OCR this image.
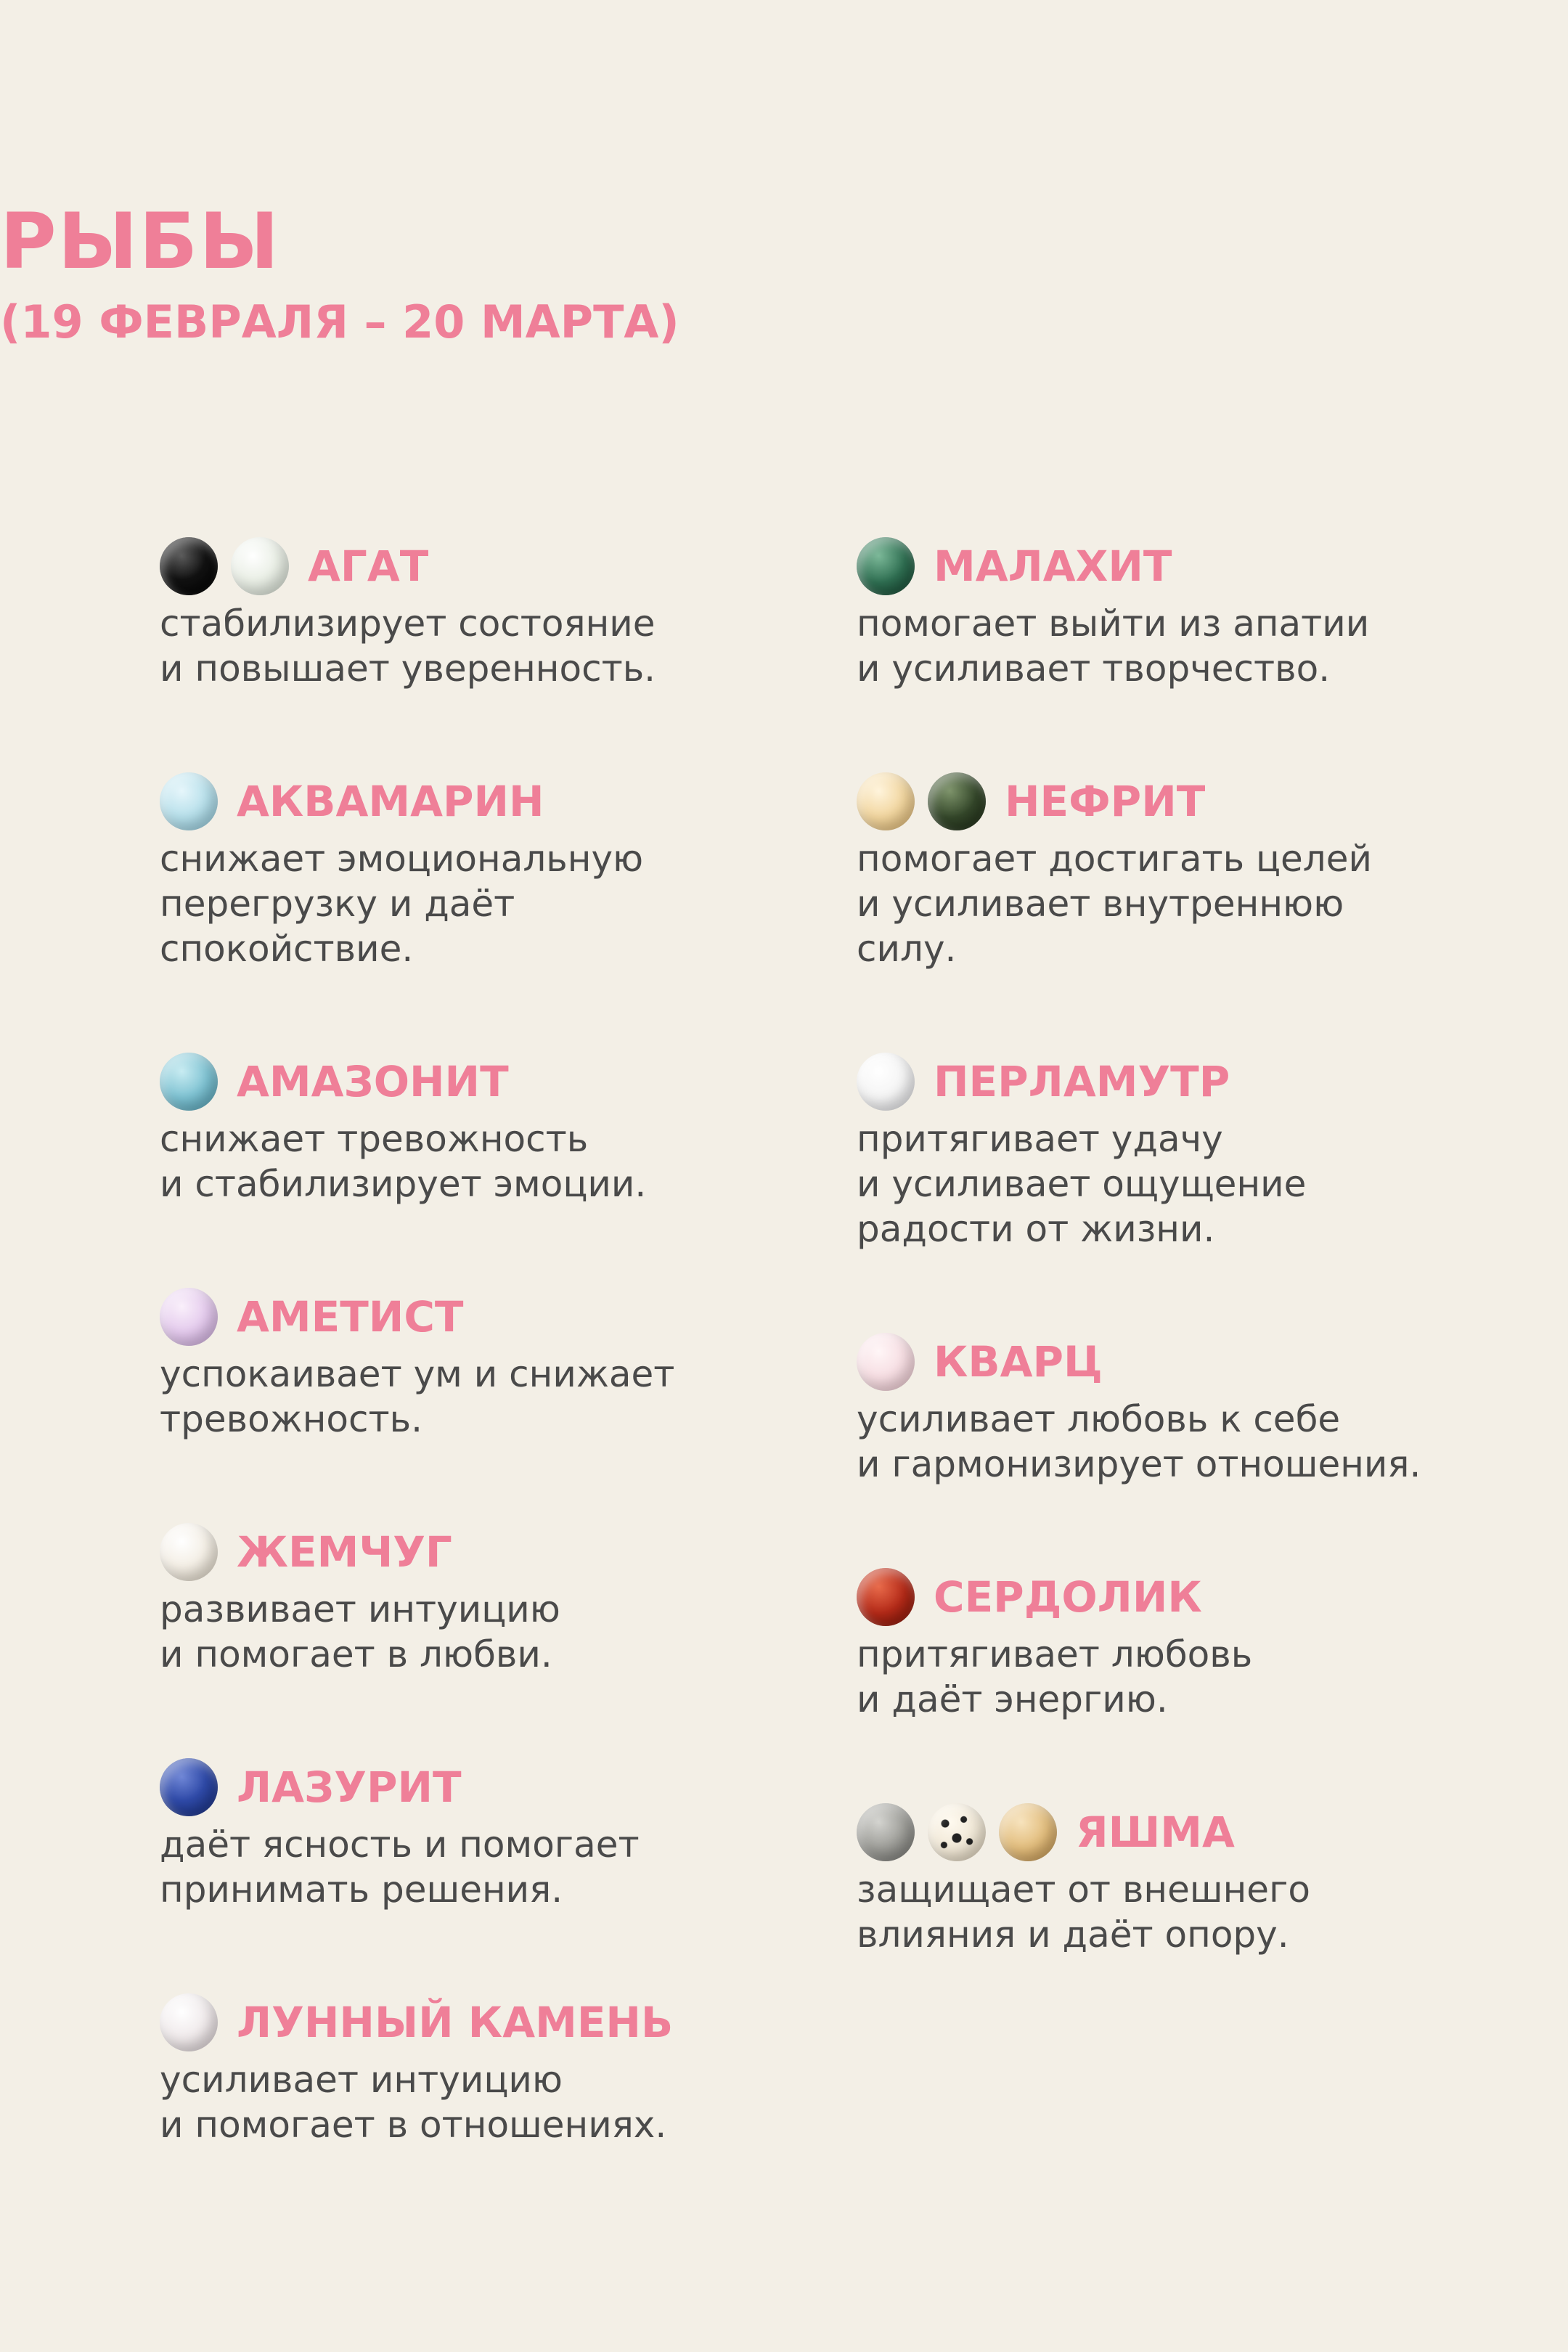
РЫБЫ
(19 ФЕВРАЛЯ – 20 МАРТА)
АГАТ
стабилизирует состояние
и повышает уверенность.
АКВАМАРИН
снижает эмоциональную
перегрузку и даёт
спокойствие.
АМАЗОНИТ
снижает тревожность
и стабилизирует эмоции.
АМЕТИСТ
успокаивает ум и снижает
тревожность.
ЖЕМЧУГ
развивает интуицию
и помогает в любви.
ЛАЗУРИТ
даёт ясность и помогает
принимать решения.
ЛУННЫЙ КАМЕНЬ
усиливает интуицию
и помогает в отношениях.
МАЛАХИТ
помогает выйти из апатии
и усиливает творчество.
НЕФРИТ
помогает достигать целей
и усиливает внутреннюю
силу.
ПЕРЛАМУТР
притягивает удачу
и усиливает ощущение
радости от жизни.
КВАРЦ
усиливает любовь к себе
и гармонизирует отношения.
СЕРДОЛИК
притягивает любовь
и даёт энергию.
ЯШМА
защищает от внешнего
влияния и даёт опору.
